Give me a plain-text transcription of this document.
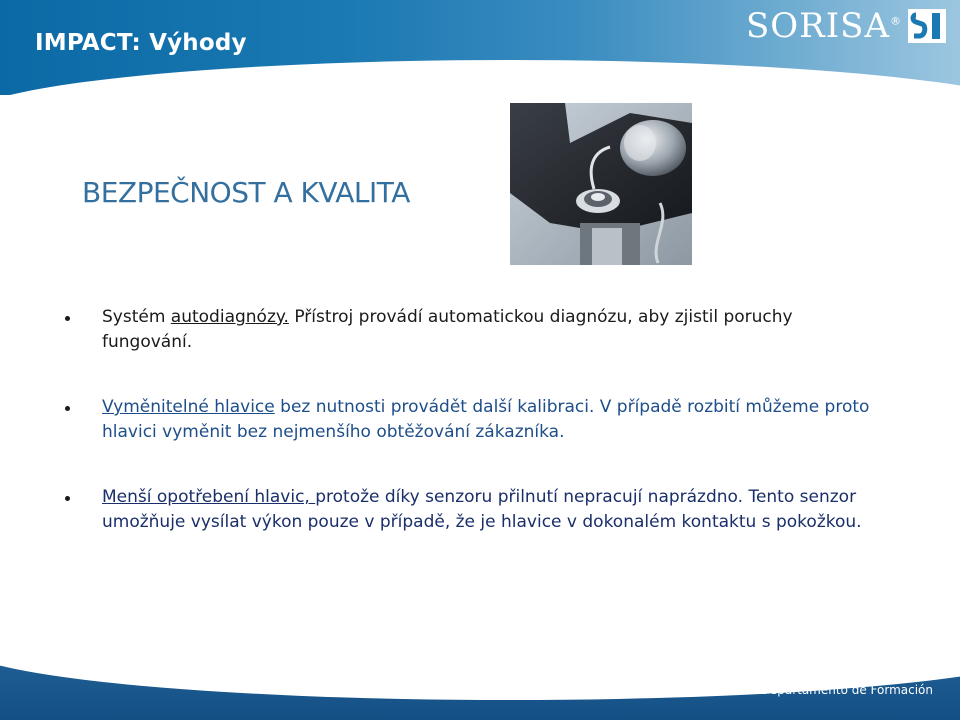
IMPACT: Výhody	SORISA®
BEZPEČNOST A KVALITA
Systém autodiagnózy. Přístroj provádí automatickou diagnózu, aby zjistil poruchy fungování.
Vyměnitelné hlavice bez nutnosti provádět další kalibraci. V případě rozbití můžeme proto hlavici vyměnit bez nejmenšího obtěžování zákazníka.
Menší opotřebení hlavic, protože díky senzoru přilnutí nepracují naprázdno. Tento senzor umožňuje vysílat výkon pouze v případě, že je hlavice v dokonalém kontaktu s pokožkou.
PLAN SORES. Departamento de Formación
